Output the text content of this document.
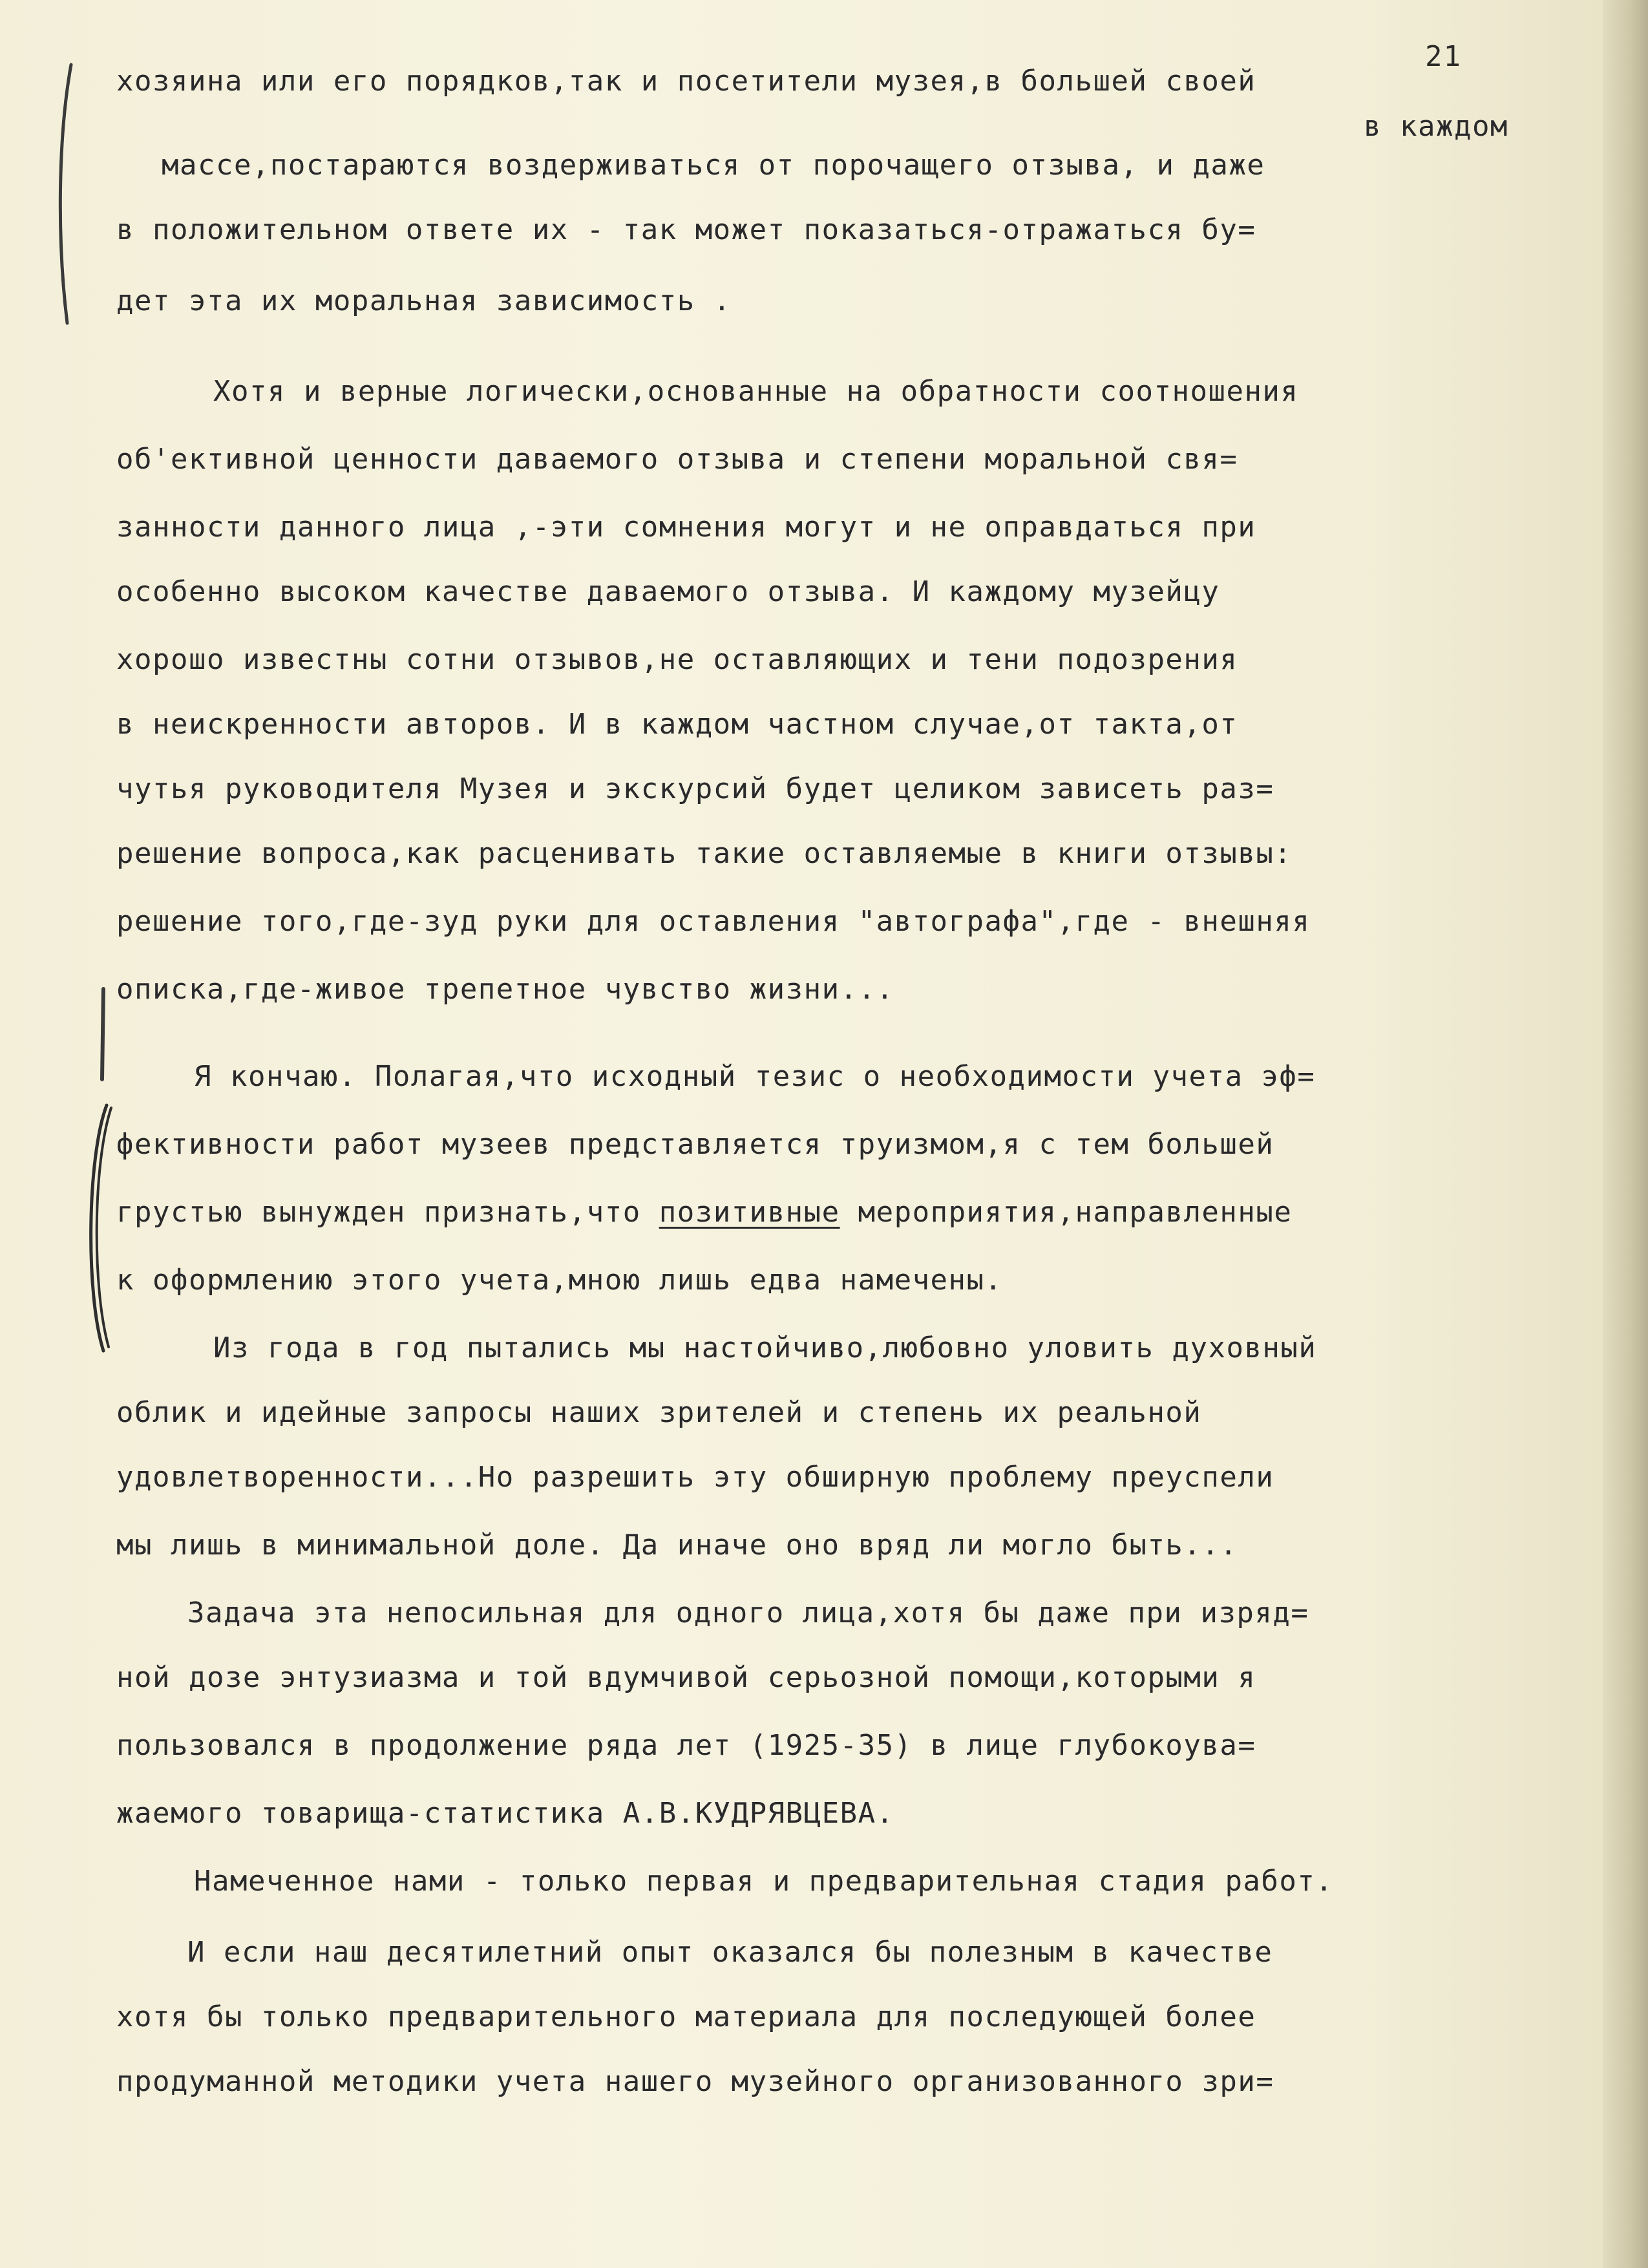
21
в каждом
хозяина или его порядков,так и посетители музея,в большей своей
массе,постараются воздерживаться от порочащего отзыва, и даже
в положительном ответе их - так может показаться-отражаться бу=
дет эта их моральная зависимость .
Хотя и верные логически,основанные на обратности соотношения
об'ективной ценности даваемого отзыва и степени моральной свя=
занности данного лица ,-эти сомнения могут и не оправдаться при
особенно высоком качестве даваемого отзыва. И каждому музейцу
хорошо известны сотни отзывов,не оставляющих и тени подозрения
в неискренности авторов. И в каждом частном случае,от такта,от
чутья руководителя Музея и экскурсий будет целиком зависеть раз=
решение вопроса,как расценивать такие оставляемые в книги отзывы:
решение того,где-зуд руки для оставления "автографа",где - внешняя
описка,где-живое трепетное чувство жизни...
Я кончаю. Полагая,что исходный тезис о необходимости учета эф=
фективности работ музеев представляется труизмом,я с тем большей
грустью вынужден признать,что позитивные мероприятия,направленные
к оформлению этого учета,мною лишь едва намечены.
Из года в год пытались мы настойчиво,любовно уловить духовный
облик и идейные запросы наших зрителей и степень их реальной
удовлетворенности...Но разрешить эту обширную проблему преуспели
мы лишь в минимальной доле. Да иначе оно вряд ли могло быть...
Задача эта непосильная для одного лица,хотя бы даже при изряд=
ной дозе энтузиазма и той вдумчивой серьозной помощи,которыми я
пользовался в продолжение ряда лет (1925-35) в лице глубокоува=
жаемого товарища-статистика А.В.КУДРЯВЦЕВА.
Намеченное нами - только первая и предварительная стадия работ.
И если наш десятилетний опыт оказался бы полезным в качестве
хотя бы только предварительного материала для последующей более
продуманной методики учета нашего музейного организованного зри=
